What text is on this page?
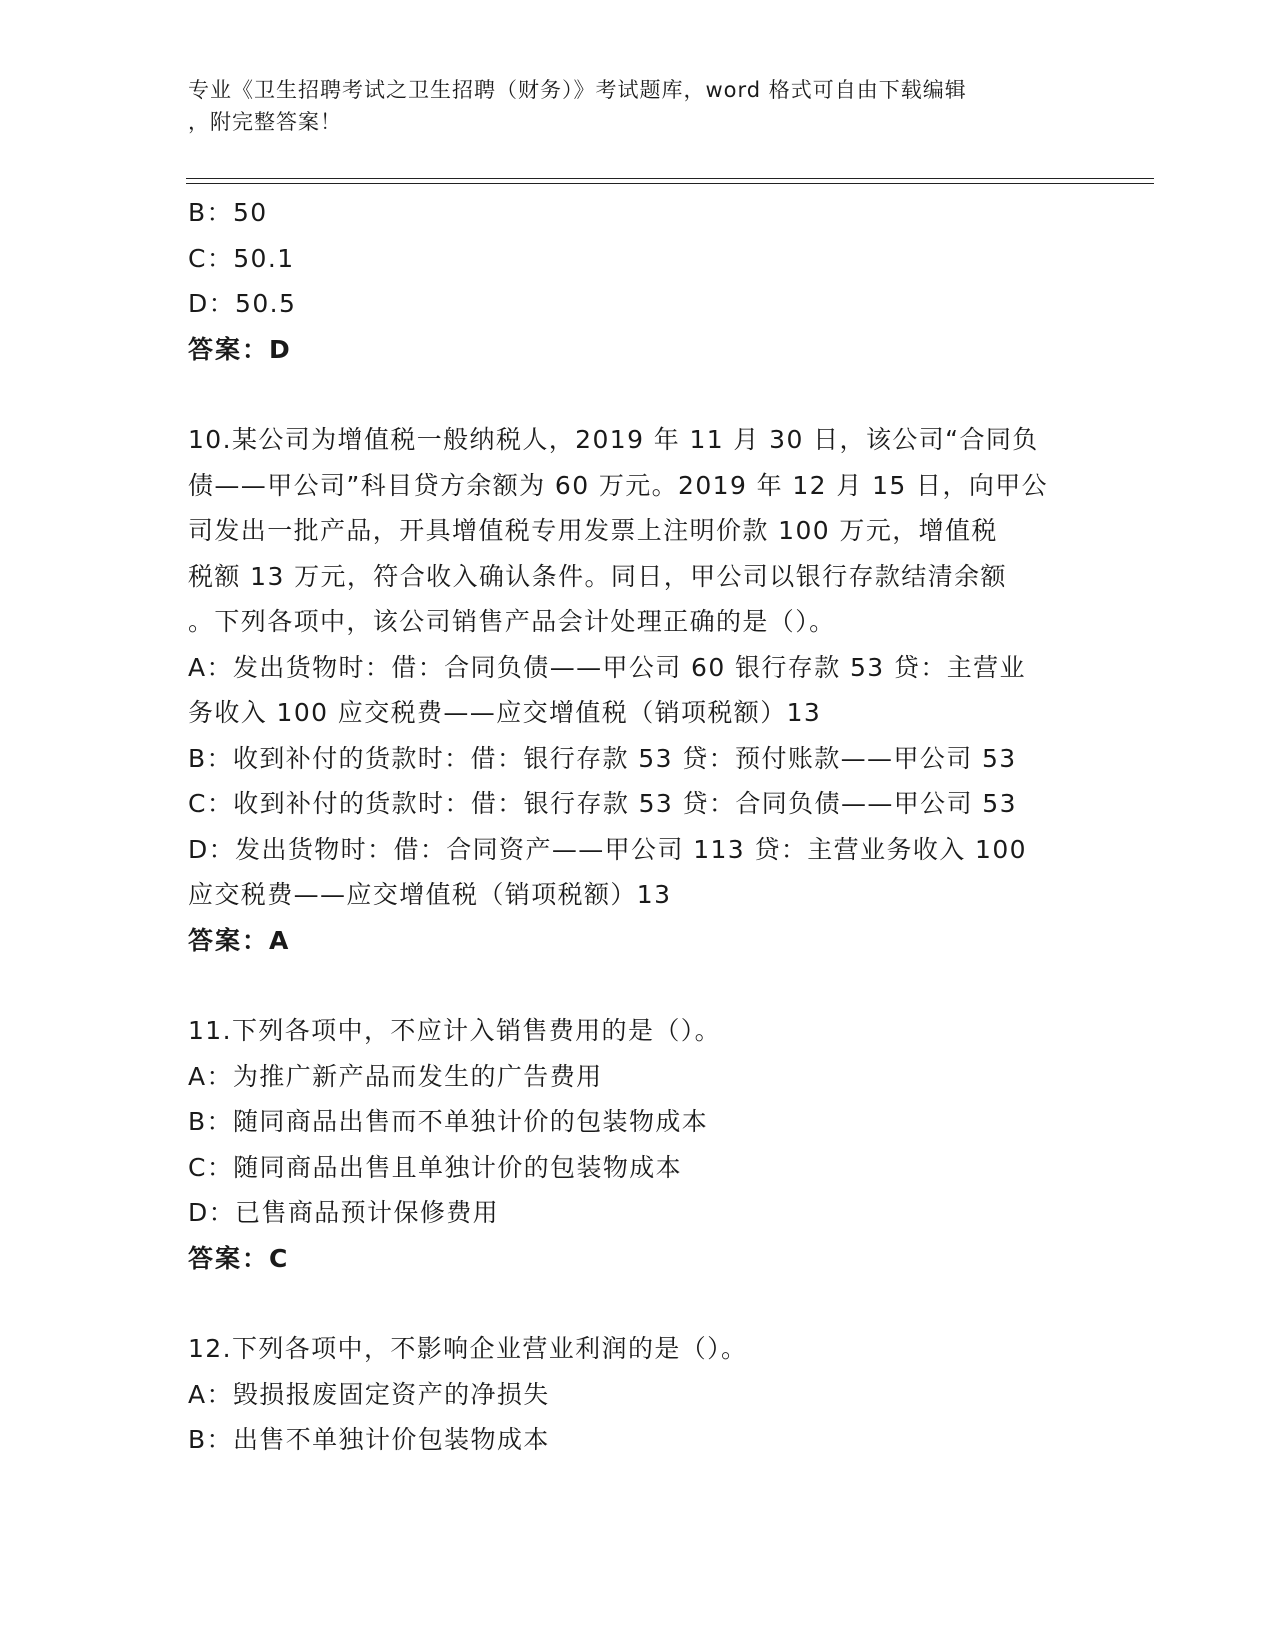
专业《卫生招聘考试之卫生招聘（财务）》考试题库，word 格式可自由下载编辑
，附完整答案！
B：50
C：50.1
D：50.5
答案：D
10.某公司为增值税一般纳税人，2019 年 11 月 30 日，该公司“合同负
债——甲公司”科目贷方余额为 60 万元。2019 年 12 月 15 日，向甲公
司发出一批产品，开具增值税专用发票上注明价款 100 万元，增值税
税额 13 万元，符合收入确认条件。同日，甲公司以银行存款结清余额
。下列各项中，该公司销售产品会计处理正确的是（）。
A：发出货物时：借：合同负债——甲公司 60 银行存款 53 贷：主营业
务收入 100 应交税费——应交增值税（销项税额）13
B：收到补付的货款时：借：银行存款 53 贷：预付账款——甲公司 53
C：收到补付的货款时：借：银行存款 53 贷：合同负债——甲公司 53
D：发出货物时：借：合同资产——甲公司 113 贷：主营业务收入 100
应交税费——应交增值税（销项税额）13
答案：A
11.下列各项中，不应计入销售费用的是（）。
A：为推广新产品而发生的广告费用
B：随同商品出售而不单独计价的包装物成本
C：随同商品出售且单独计价的包装物成本
D：已售商品预计保修费用
答案：C
12.下列各项中，不影响企业营业利润的是（）。
A：毁损报废固定资产的净损失
B：出售不单独计价包装物成本
